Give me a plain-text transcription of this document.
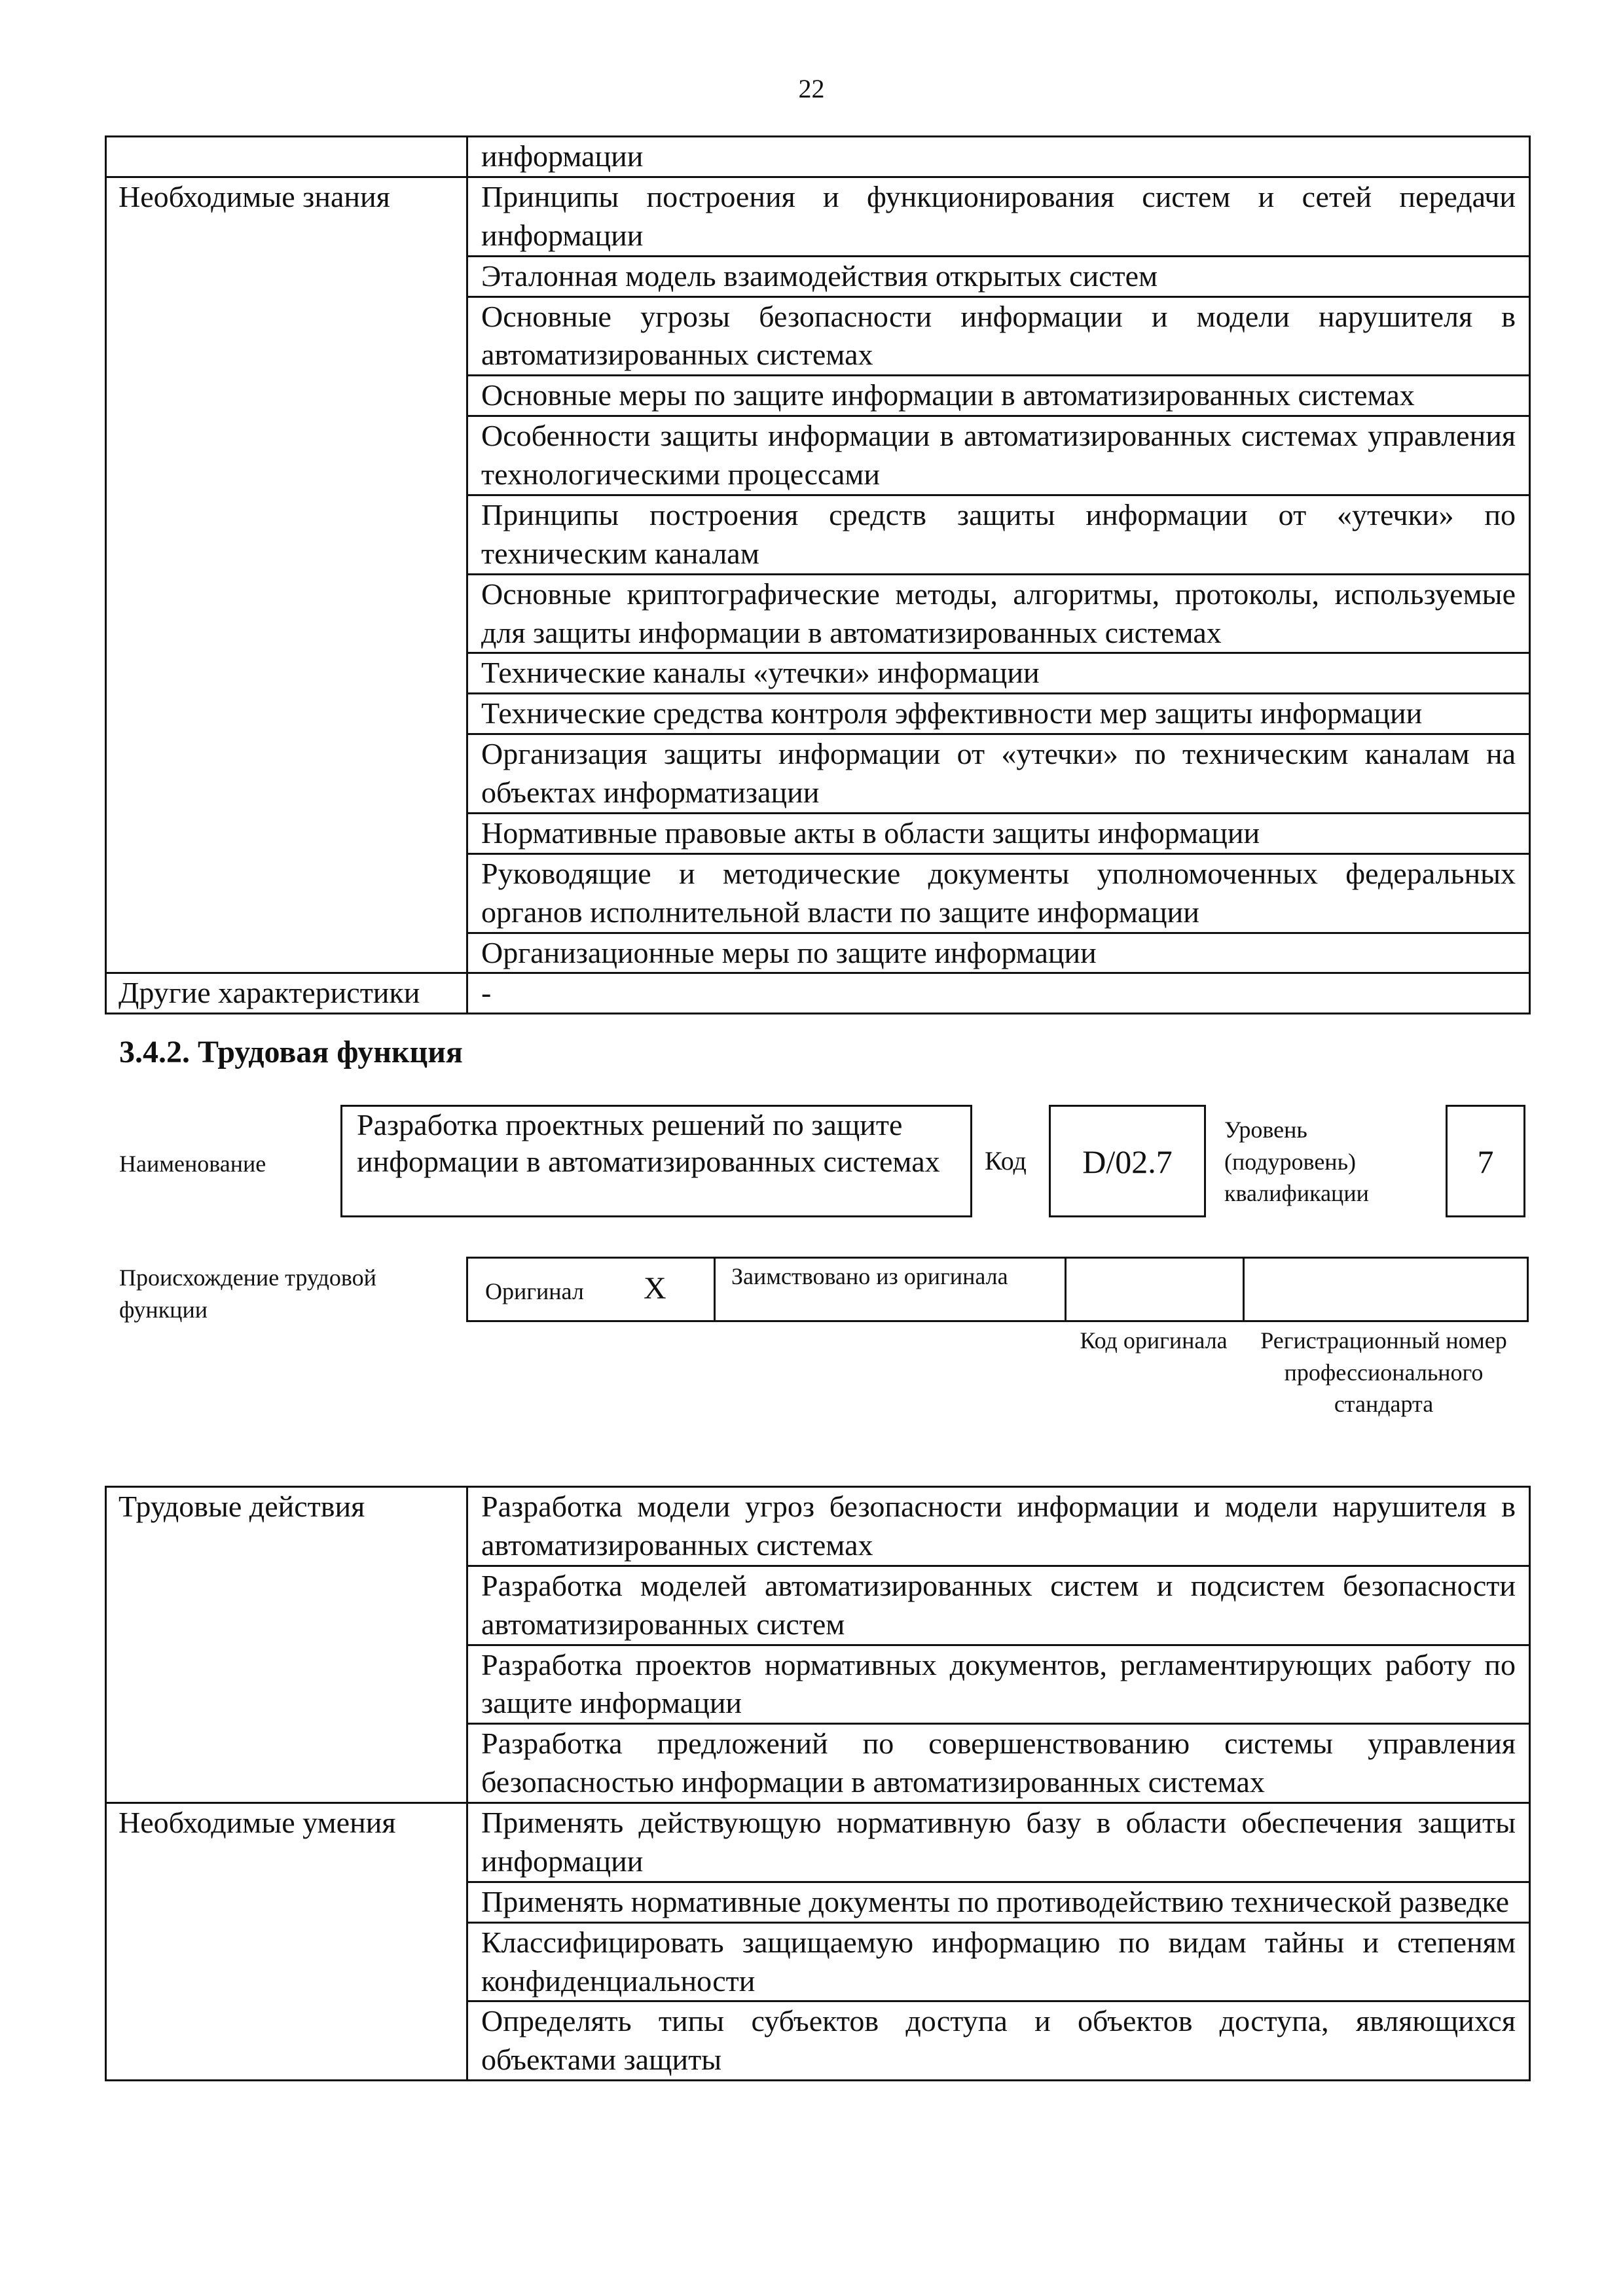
22
	информации
Необходимые знания	Принципы построения и функционирования систем и сетей передачи информации
	Эталонная модель взаимодействия открытых систем
	Основные угрозы безопасности информации и модели нарушителя в автоматизированных системах
	Основные меры по защите информации в автоматизированных системах
	Особенности защиты информации в автоматизированных системах управления технологическими процессами
	Принципы построения средств защиты информации от «утечки» по техническим каналам
	Основные криптографические методы, алгоритмы, протоколы, используемые для защиты информации в автоматизированных системах
	Технические каналы «утечки» информации
	Технические средства контроля эффективности мер защиты информации
	Организация защиты информации от «утечки» по техническим каналам на объектах информатизации
	Нормативные правовые акты в области защиты информации
	Руководящие и методические документы уполномоченных федеральных органов исполнительной власти по защите информации
	Организационные меры по защите информации
Другие характеристики	-
3.4.2. Трудовая функция
Наименование
Разработка проектных решений по защите информации в автоматизированных системах	Код	D/02.7
Уровень (подуровень) квалификации
7
Происхождение трудовой функции
Оригинал X	Заимствовано из оригинала
Код оригинала	Регистрационный номер профессионального стандарта
Трудовые действия	Разработка модели угроз безопасности информации и модели нарушителя в автоматизированных системах
	Разработка моделей автоматизированных систем и подсистем безопасности автоматизированных систем
	Разработка проектов нормативных документов, регламентирующих работу по защите информации
	Разработка предложений по совершенствованию системы управления безопасностью информации в автоматизированных системах
Необходимые умения	Применять действующую нормативную базу в области обеспечения защиты информации
	Применять нормативные документы по противодействию технической разведке
	Классифицировать защищаемую информацию по видам тайны и степеням конфиденциальности
	Определять типы субъектов доступа и объектов доступа, являющихся объектами защиты
